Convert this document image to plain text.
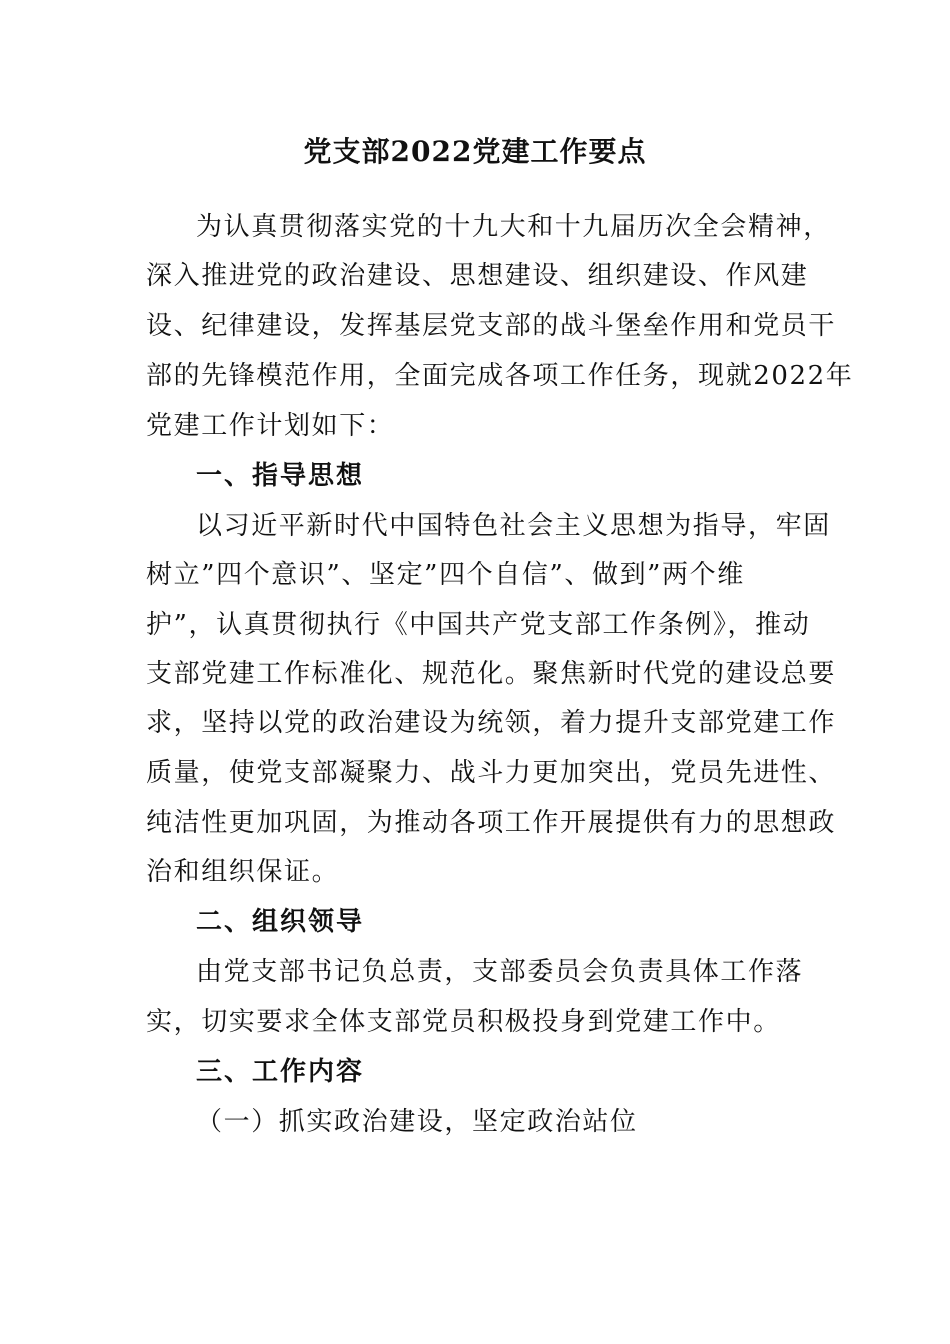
党支部2022党建工作要点
为认真贯彻落实党的十九大和十九届历次全会精神，
深入推进党的政治建设、思想建设、组织建设、作风建
设、纪律建设，发挥基层党支部的战斗堡垒作用和党员干
部的先锋模范作用，全面完成各项工作任务，现就2022年
党建工作计划如下：
一、指导思想
以习近平新时代中国特色社会主义思想为指导，牢固
树立”四个意识”、坚定”四个自信”、做到”两个维
护”，认真贯彻执行《中国共产党支部工作条例》，推动
支部党建工作标准化、规范化。聚焦新时代党的建设总要
求，坚持以党的政治建设为统领，着力提升支部党建工作
质量，使党支部凝聚力、战斗力更加突出，党员先进性、
纯洁性更加巩固，为推动各项工作开展提供有力的思想政
治和组织保证。
二、组织领导
由党支部书记负总责，支部委员会负责具体工作落
实，切实要求全体支部党员积极投身到党建工作中。
三、工作内容
（一）抓实政治建设，坚定政治站位
